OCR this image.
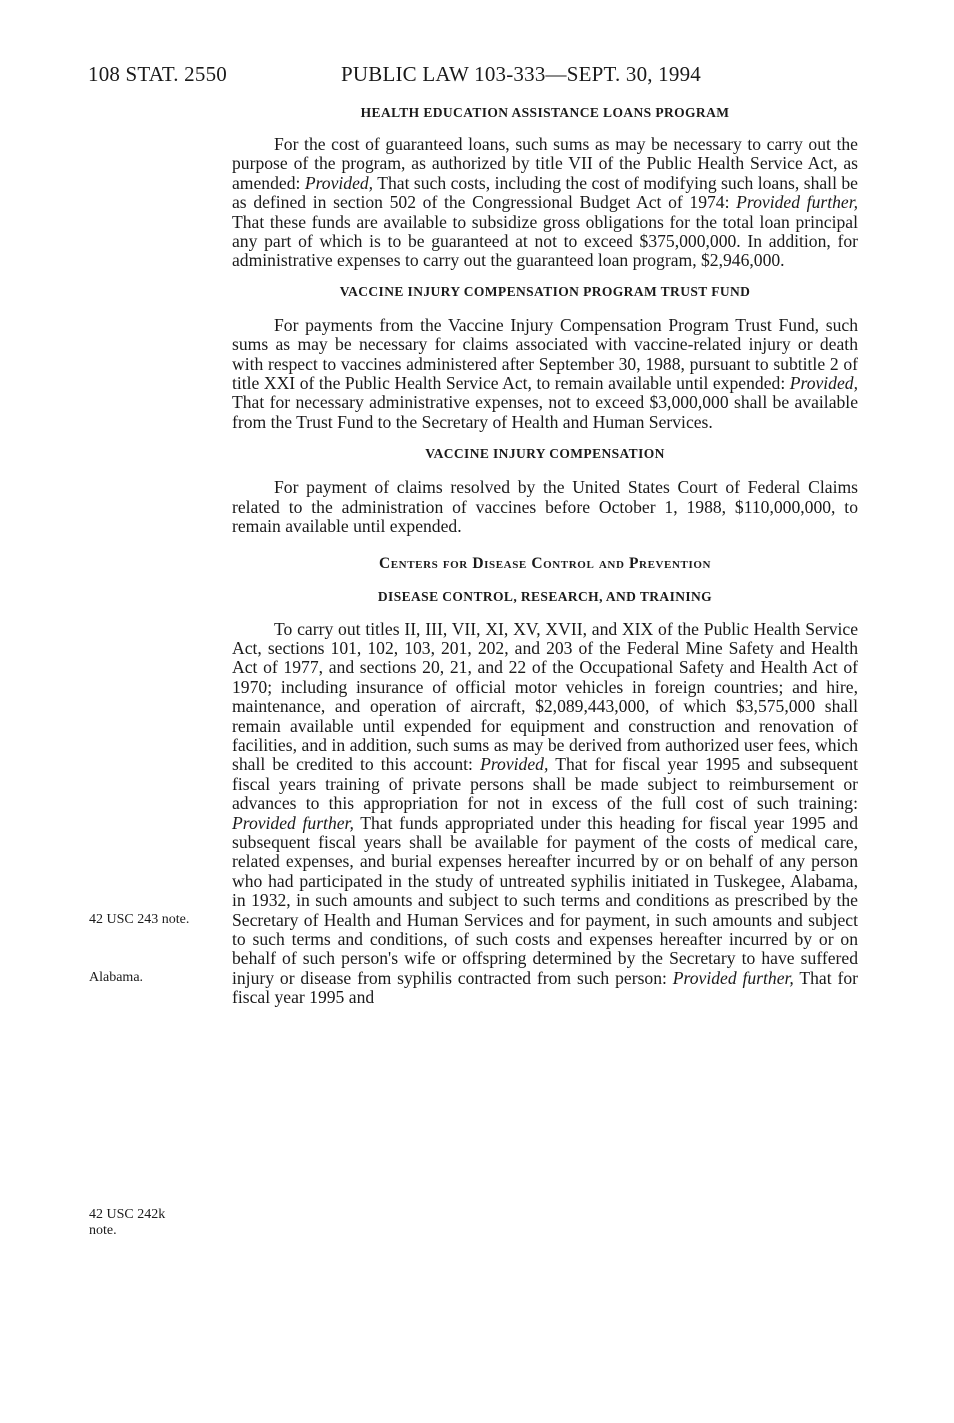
108 STAT. 2550	PUBLIC LAW 103-333—SEPT. 30, 1994
HEALTH EDUCATION ASSISTANCE LOANS PROGRAM

For the cost of guaranteed loans, such sums as may be necessary to carry out the purpose of the program, as authorized by title VII of the Public Health Service Act, as amended: Provided, That such costs, including the cost of modifying such loans, shall be as defined in section 502 of the Congressional Budget Act of 1974: Provided further, That these funds are available to subsidize gross obligations for the total loan principal any part of which is to be guaranteed at not to exceed $375,000,000. In addition, for administrative expenses to carry out the guaranteed loan program, $2,946,000.

VACCINE INJURY COMPENSATION PROGRAM TRUST FUND

For payments from the Vaccine Injury Compensation Program Trust Fund, such sums as may be necessary for claims associated with vaccine-related injury or death with respect to vaccines administered after September 30, 1988, pursuant to subtitle 2 of title XXI of the Public Health Service Act, to remain available until expended: Provided, That for necessary administrative expenses, not to exceed $3,000,000 shall be available from the Trust Fund to the Secretary of Health and Human Services.

VACCINE INJURY COMPENSATION

For payment of claims resolved by the United States Court of Federal Claims related to the administration of vaccines before October 1, 1988, $110,000,000, to remain available until expended.

Centers for Disease Control and Prevention
DISEASE CONTROL, RESEARCH, AND TRAINING

To carry out titles II, III, VII, XI, XV, XVII, and XIX of the Public Health Service Act, sections 101, 102, 103, 201, 202, and 203 of the Federal Mine Safety and Health Act of 1977, and sections 20, 21, and 22 of the Occupational Safety and Health Act of 1970; including insurance of official motor vehicles in foreign countries; and hire, maintenance, and operation of aircraft, $2,089,443,000, of which $3,575,000 shall remain available until expended for equipment and construction and renovation of facilities, and in addition, such sums as may be derived from authorized user fees, which shall be credited to this account: Provided, That for fiscal year 1995 and subsequent fiscal years training of private persons shall be made subject to reimbursement or advances to this appropriation for not in excess of the full cost of such training: Provided further, That funds appropriated under this heading for fiscal year 1995 and subsequent fiscal years shall be available for payment of the costs of medical care, related expenses, and burial expenses hereafter incurred by or on behalf of any person who had participated in the study of untreated syphilis initiated in Tuskegee, Alabama, in 1932, in such amounts and subject to such terms and conditions as prescribed by the Secretary of Health and Human Services and for payment, in such amounts and subject to such terms and conditions, of such costs and expenses hereafter incurred by or on behalf of such person's wife or offspring determined by the Secretary to have suffered injury or disease from syphilis contracted from such person: Provided further, That for fiscal year 1995 and

42 USC 243 note.
Alabama.
42 USC 242k
note.
